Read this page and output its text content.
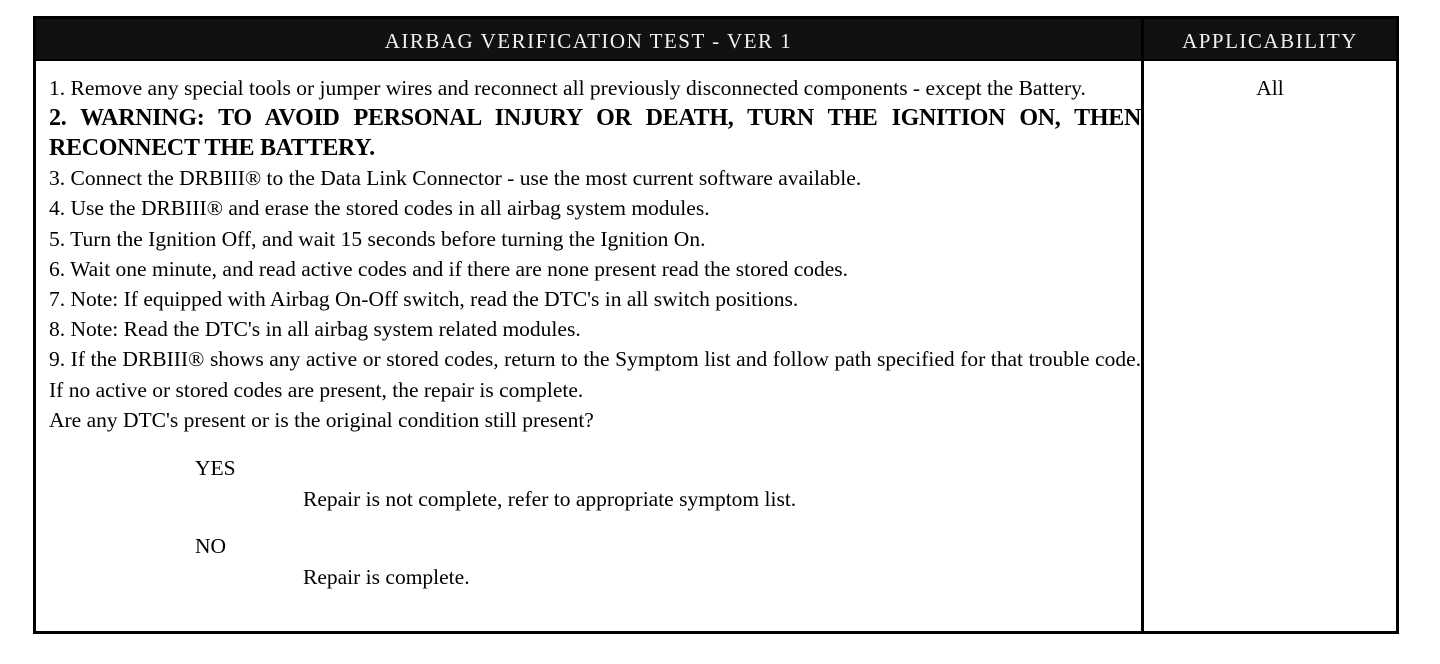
AIRBAG VERIFICATION TEST - VER 1	APPLICABILITY

1. Remove any special tools or jumper wires and reconnect all previously disconnected components - except the Battery.

2. WARNING: TO AVOID PERSONAL INJURY OR DEATH, TURN THE IGNITION ON, THEN RECONNECT THE BATTERY.

3. Connect the DRBIII® to the Data Link Connector - use the most current software available.

4. Use the DRBIII® and erase the stored codes in all airbag system modules.

5. Turn the Ignition Off, and wait 15 seconds before turning the Ignition On.

6. Wait one minute, and read active codes and if there are none present read the stored codes.

7. Note: If equipped with Airbag On-Off switch, read the DTC's in all switch positions.

8. Note: Read the DTC's in all airbag system related modules.

9. If the DRBIII® shows any active or stored codes, return to the Symptom list and follow path specified for that trouble code. If no active or stored codes are present, the repair is complete.

Are any DTC's present or is the original condition still present?

YES
Repair is not complete, refer to appropriate symptom list.
NO
Repair is complete.
All
